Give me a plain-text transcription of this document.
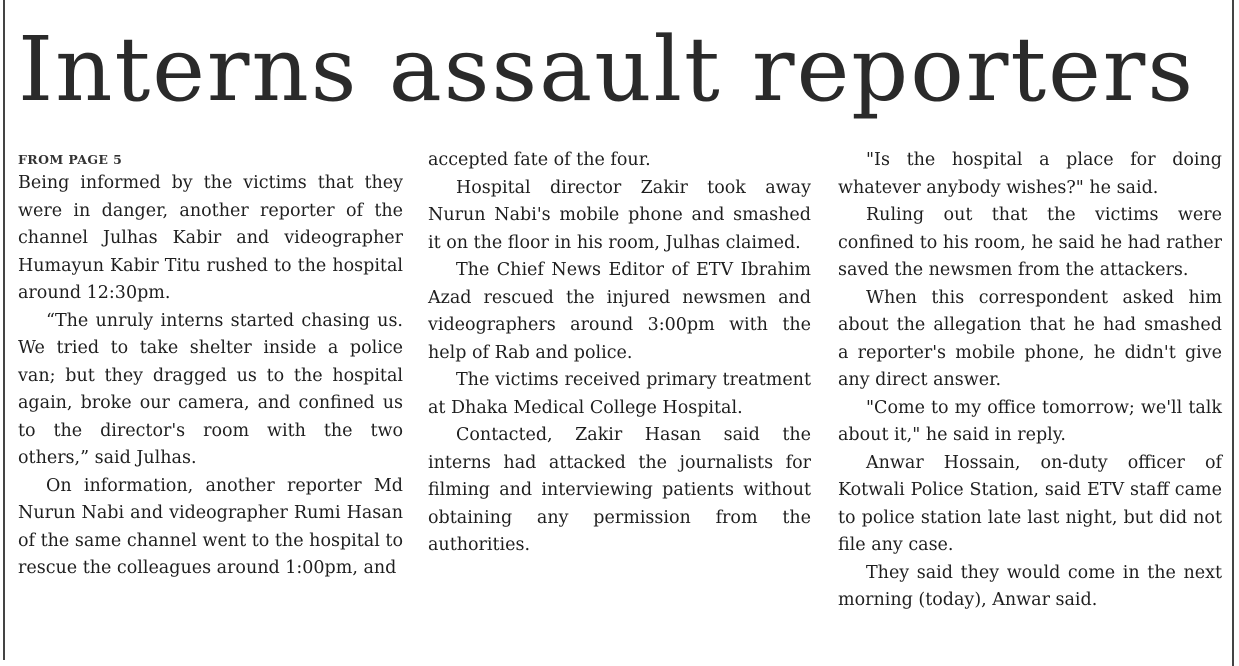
Interns assault reporters
FROM PAGE 5

Being informed by the victims that they were in danger, another reporter of the channel Julhas Kabir and videographer Humayun Kabir Titu rushed to the hospital around 12:30pm.

“The unruly interns started chasing us. We tried to take shelter inside a police van; but they dragged us to the hospital again, broke our camera, and confined us to the director's room with the two others,” said Julhas.

On information, another reporter Md Nurun Nabi and videographer Rumi Hasan of the same channel went to the hospital to rescue the colleagues around 1:00pm, and

accepted fate of the four.

Hospital director Zakir took away Nurun Nabi's mobile phone and smashed it on the floor in his room, Julhas claimed.

The Chief News Editor of ETV Ibrahim Azad rescued the injured newsmen and videographers around 3:00pm with the help of Rab and police.

The victims received primary treatment at Dhaka Medical College Hospital.

Contacted, Zakir Hasan said the interns had attacked the journalists for filming and interviewing patients without obtaining any permission from the authorities.

"Is the hospital a place for doing whatever anybody wishes?" he said.

Ruling out that the victims were confined to his room, he said he had rather saved the newsmen from the attackers.

When this correspondent asked him about the allegation that he had smashed a reporter's mobile phone, he didn't give any direct answer.

"Come to my office tomorrow; we'll talk about it," he said in reply.

Anwar Hossain, on-duty officer of Kotwali Police Station, said ETV staff came to police station late last night, but did not file any case.

They said they would come in the next morning (today), Anwar said.
